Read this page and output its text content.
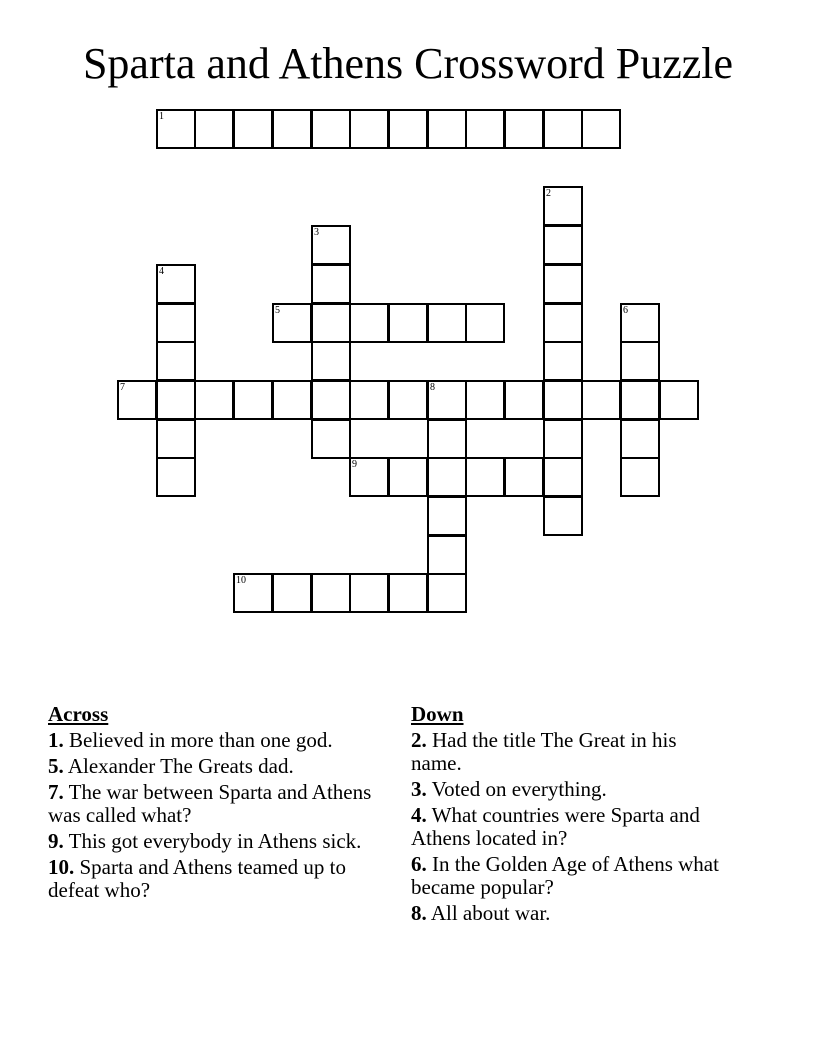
Sparta and Athens Crossword Puzzle
1
2
3
4
5	6
7	8
9
10
Across
1. Believed in more than one god.
5. Alexander The Greats dad.
7. The war between Sparta and Athens was called what?
9. This got everybody in Athens sick.
10. Sparta and Athens teamed up to defeat who?
Down
2. Had the title The Great in his name.
3. Voted on everything.
4. What countries were Sparta and Athens located in?
6. In the Golden Age of Athens what became popular?
8. All about war.
